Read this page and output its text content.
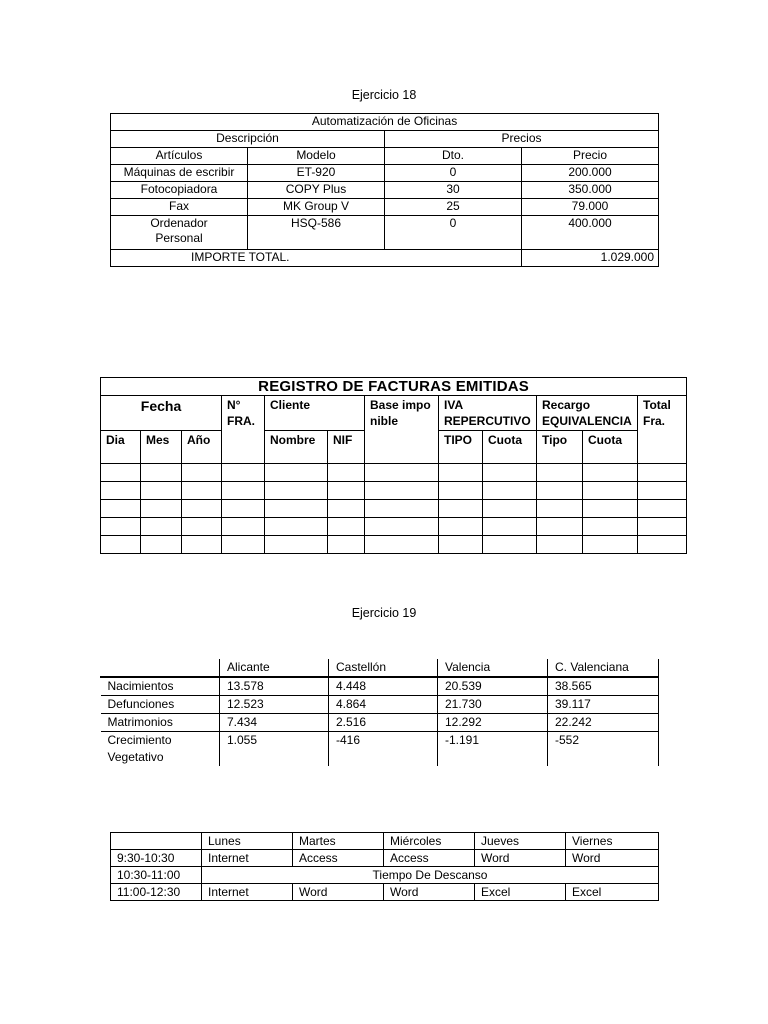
Ejercicio 18
Automatización de Oficinas			
Descripción		Precios	
Artículos	Modelo	Dto.	Precio
Máquinas de escribir	ET-920	0	200.000
Fotocopiadora	COPY Plus	30	350.000
Fax	MK Group V	25	79.000
Ordenador Personal	HSQ-586	0	400.000
IMPORTE TOTAL.			1.029.000
REGISTRO DE FACTURAS EMITIDAS											
Fecha			N° FRA.	Cliente		Base imponible	IVA REPERCUTIVO		Recargo EQUIVALENCIA		Total Fra.
Dia	Mes	Año		Nombre	NIF		TIPO	Cuota	Tipo	Cuota	

Ejercicio 19
	Alicante	Castellón	Valencia	C. Valenciana

Nacimientos	13.578	4.448	20.539	38.565
Defunciones	12.523	4.864	21.730	39.117
Matrimonios	7.434	2.516	12.292	22.242
Crecimiento Vegetativo	1.055	-416	-1.191	-552
	Lunes	Martes	Miércoles	Jueves	Viernes
9:30-10:30	Internet	Access	Access	Word	Word
10:30-11:00	Tiempo De Descanso				
11:00-12:30	Internet	Word	Word	Excel	Excel
